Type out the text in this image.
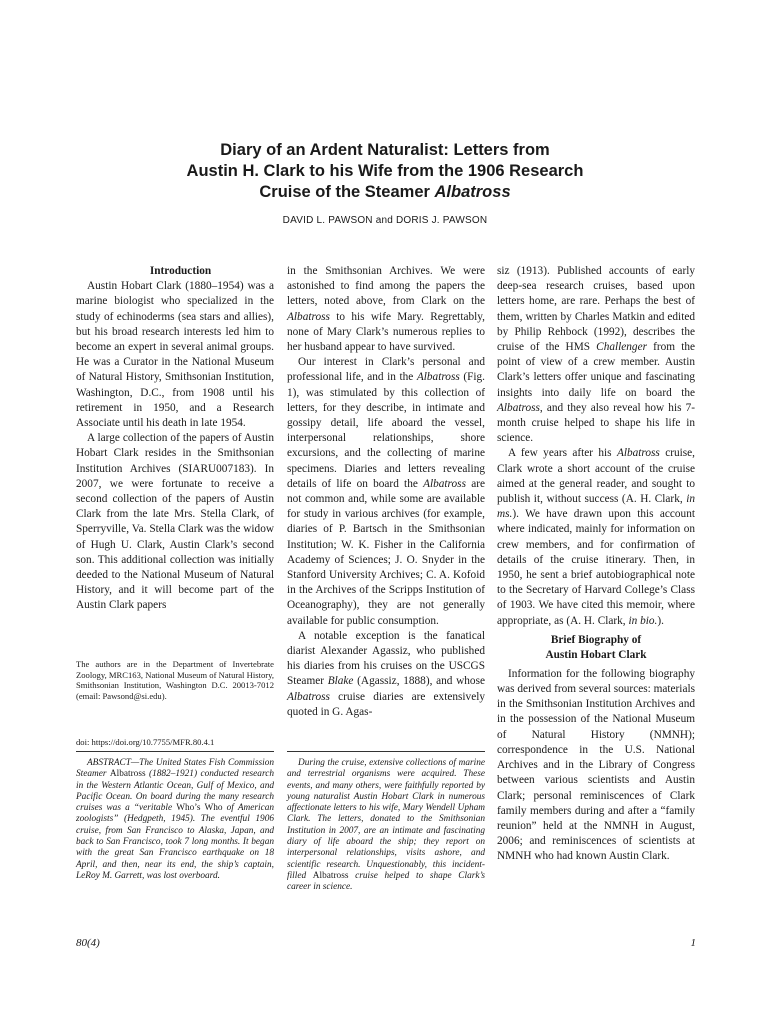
Diary of an Ardent Naturalist: Letters from
Austin H. Clark to his Wife from the 1906 Research
Cruise of the Steamer Albatross
DAVID L. PAWSON and DORIS J. PAWSON

Introduction

Austin Hobart Clark (1880–1954) was a marine biologist who specialized in the study of echinoderms (sea stars and allies), but his broad research interests led him to become an expert in several animal groups. He was a Curator in the National Museum of Natural History, Smithsonian Institution, Washington, D.C., from 1908 until his retirement in 1950, and a Research Associate until his death in late 1954.

A large collection of the papers of Austin Hobart Clark resides in the Smithsonian Institution Archives (SIARU007183). In 2007, we were fortunate to receive a second collection of the papers of Austin Clark from the late Mrs. Stella Clark, of Sperryville, Va. Stella Clark was the widow of Hugh U. Clark, Austin Clark’s second son. This additional collection was initially deeded to the National Museum of Natural History, and it will become part of the Austin Clark papers

The authors are in the Department of Invertebrate Zoology, MRC163, National Museum of Natural History, Smithsonian Institution, Washington D.C. 20013-7012 (email: Pawsond@si.edu).
doi: https://doi.org/10.7755/MFR.80.4.1

in the Smithsonian Archives. We were astonished to find among the papers the letters, noted above, from Clark on the Albatross to his wife Mary. Regrettably, none of Mary Clark’s numerous replies to her husband appear to have survived.

Our interest in Clark’s personal and professional life, and in the Albatross (Fig. 1), was stimulated by this collection of letters, for they describe, in intimate and gossipy detail, life aboard the vessel, interpersonal relationships, shore excursions, and the collecting of marine specimens. Diaries and letters revealing details of life on board the Albatross are not common and, while some are available for study in various archives (for example, diaries of P. Bartsch in the Smithsonian Institution; W. K. Fisher in the California Academy of Sciences; J. O. Snyder in the Stanford University Archives; C. A. Kofoid in the Archives of the Scripps Institution of Oceanography), they are not generally available for public consumption.

A notable exception is the fanatical diarist Alexander Agassiz, who published his diaries from his cruises on the USCGS Steamer Blake (Agassiz, 1888), and whose Albatross cruise diaries are extensively quoted in G. Agas-

siz (1913). Published accounts of early deep-sea research cruises, based upon letters home, are rare. Perhaps the best of them, written by Charles Matkin and edited by Philip Rehbock (1992), describes the cruise of the HMS Challenger from the point of view of a crew member. Austin Clark’s letters offer unique and fascinating insights into daily life on board the Albatross, and they also reveal how his 7-month cruise helped to shape his life in science.

A few years after his Albatross cruise, Clark wrote a short account of the cruise aimed at the general reader, and sought to publish it, without success (A. H. Clark, in ms.). We have drawn upon this account where indicated, mainly for information on crew members, and for confirmation of details of the cruise itinerary. Then, in 1950, he sent a brief autobiographical note to the Secretary of Harvard College’s Class of 1903. We have cited this memoir, where appropriate, as (A. H. Clark, in bio.).

Brief Biography of
Austin Hobart Clark

Information for the following biography was derived from several sources: materials in the Smithsonian Institution Archives and in the possession of the National Museum of Natural History (NMNH); correspondence in the U.S. National Archives and in the Library of Congress between various scientists and Austin Clark; personal reminiscences of Clark family members during and after a “family reunion” held at the NMNH in August, 2006; and reminiscences of scientists at NMNH who had known Austin Clark.

ABSTRACT—The United States Fish Commission Steamer Albatross (1882–1921) conducted research in the Western Atlantic Ocean, Gulf of Mexico, and Pacific Ocean. On board during the many research cruises was a “veritable Who’s Who of American zoologists” (Hedgpeth, 1945). The eventful 1906 cruise, from San Francisco to Alaska, Japan, and back to San Francisco, took 7 long months. It began with the great San Francisco earthquake on 18 April, and then, near its end, the ship’s captain, LeRoy M. Garrett, was lost overboard.
During the cruise, extensive collections of marine and terrestrial organisms were acquired. These events, and many others, were faithfully reported by young naturalist Austin Hobart Clark in numerous affectionate letters to his wife, Mary Wendell Upham Clark. The letters, donated to the Smithsonian Institution in 2007, are an intimate and fascinating diary of life aboard the ship; they report on interpersonal relationships, visits ashore, and scientific research. Unquestionably, this incident-filled Albatross cruise helped to shape Clark’s career in science.
80(4)	1
